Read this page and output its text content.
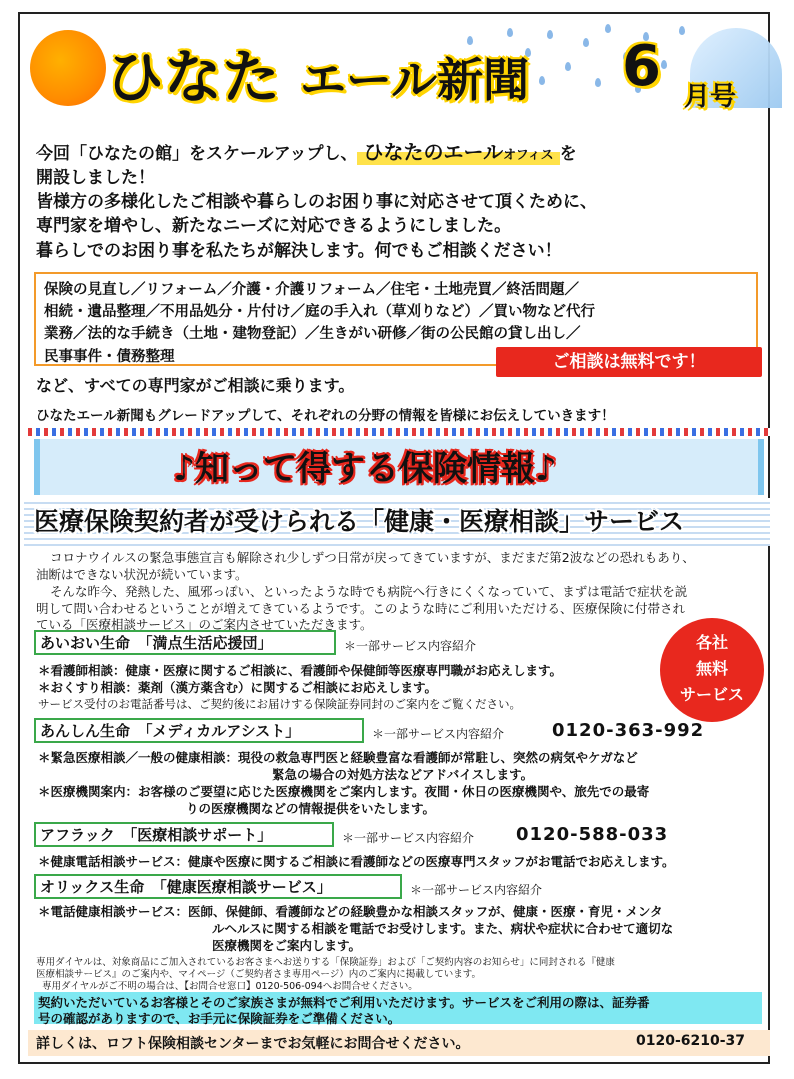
ひなた エール新聞 6 月号
今回「ひなたの館」をスケールアップし、 ひなたのエールオフィス を
開設しました！
皆様方の多様化したご相談や暮らしのお困り事に対応させて頂くために、
専門家を増やし、新たなニーズに対応できるようにしました。
暮らしでのお困り事を私たちが解決します。何でもご相談ください！
保険の見直し／リフォーム／介護・介護リフォーム／住宅・土地売買／終活問題／
相続・遺品整理／不用品処分・片付け／庭の手入れ（草刈りなど）／買い物など代行
業務／法的な手続き（土地・建物登記）／生きがい研修／街の公民館の貸し出し／
民事事件・債務整理	ご相談は無料です！
など、すべての専門家がご相談に乗ります。
ひなたエール新聞もグレードアップして、それぞれの分野の情報を皆様にお伝えしていきます！
♪知って得する保険情報♪
医療保険契約者が受けられる「健康・医療相談」サービス
コロナウイルスの緊急事態宣言も解除され少しずつ日常が戻ってきていますが、まだまだ第2波などの恐れもあり、
油断はできない状況が続いています。
そんな昨今、発熱した、風邪っぽい、といったような時でも病院へ行きにくくなっていて、まずは電話で症状を説
明して問い合わせるということが増えてきているようです。このような時にご利用いただける、医療保険に付帯され
ている「医療相談サービス」のご案内させていただきます。
各社
無料
サービス
あいおい生命　「満点生活応援団」	＊一部サービス内容紹介
＊看護師相談：健康・医療に関するご相談に、看護師や保健師等医療専門職がお応えします。
＊おくすり相談：薬剤（漢方薬含む）に関するご相談にお応えします。
サービス受付のお電話番号は、ご契約後にお届けする保険証券同封のご案内をご覧ください。
あんしん生命　「メディカルアシスト」	＊一部サービス内容紹介	0120-363-992
＊緊急医療相談／一般の健康相談：現役の救急専門医と経験豊富な看護師が常駐し、突然の病気やケガなど
緊急の場合の対処方法などアドバイスします。
＊医療機関案内：お客様のご要望に応じた医療機関をご案内します。夜間・休日の医療機関や、旅先での最寄
りの医療機関などの情報提供をいたします。
アフラック　「医療相談サポート」	＊一部サービス内容紹介 0120-588-033
＊健康電話相談サービス：健康や医療に関するご相談に看護師などの医療専門スタッフがお電話でお応えします。
オリックス生命　「健康医療相談サービス」	＊一部サービス内容紹介
＊電話健康相談サービス：医師、保健師、看護師などの経験豊かな相談スタッフが、健康・医療・育児・メンタ
ルヘルスに関する相談を電話でお受けします。また、病状や症状に合わせて適切な
医療機関をご案内します。
専用ダイヤルは、対象商品にご加入されているお客さまへお送りする「保険証券」および「ご契約内容のお知らせ」に同封される『健康
医療相談サービス』のご案内や、マイページ（ご契約者さま専用ページ）内のご案内に掲載しています。
専用ダイヤルがご不明の場合は、【お問合せ窓口】0120-506-094へお問合せください。
契約いただいているお客様とそのご家族さまが無料でご利用いただけます。サービスをご利用の際は、証券番
号の確認がありますので、お手元に保険証券をご準備ください。
詳しくは、ロフト保険相談センターまでお気軽にお問合せください。	0120-6210-37
